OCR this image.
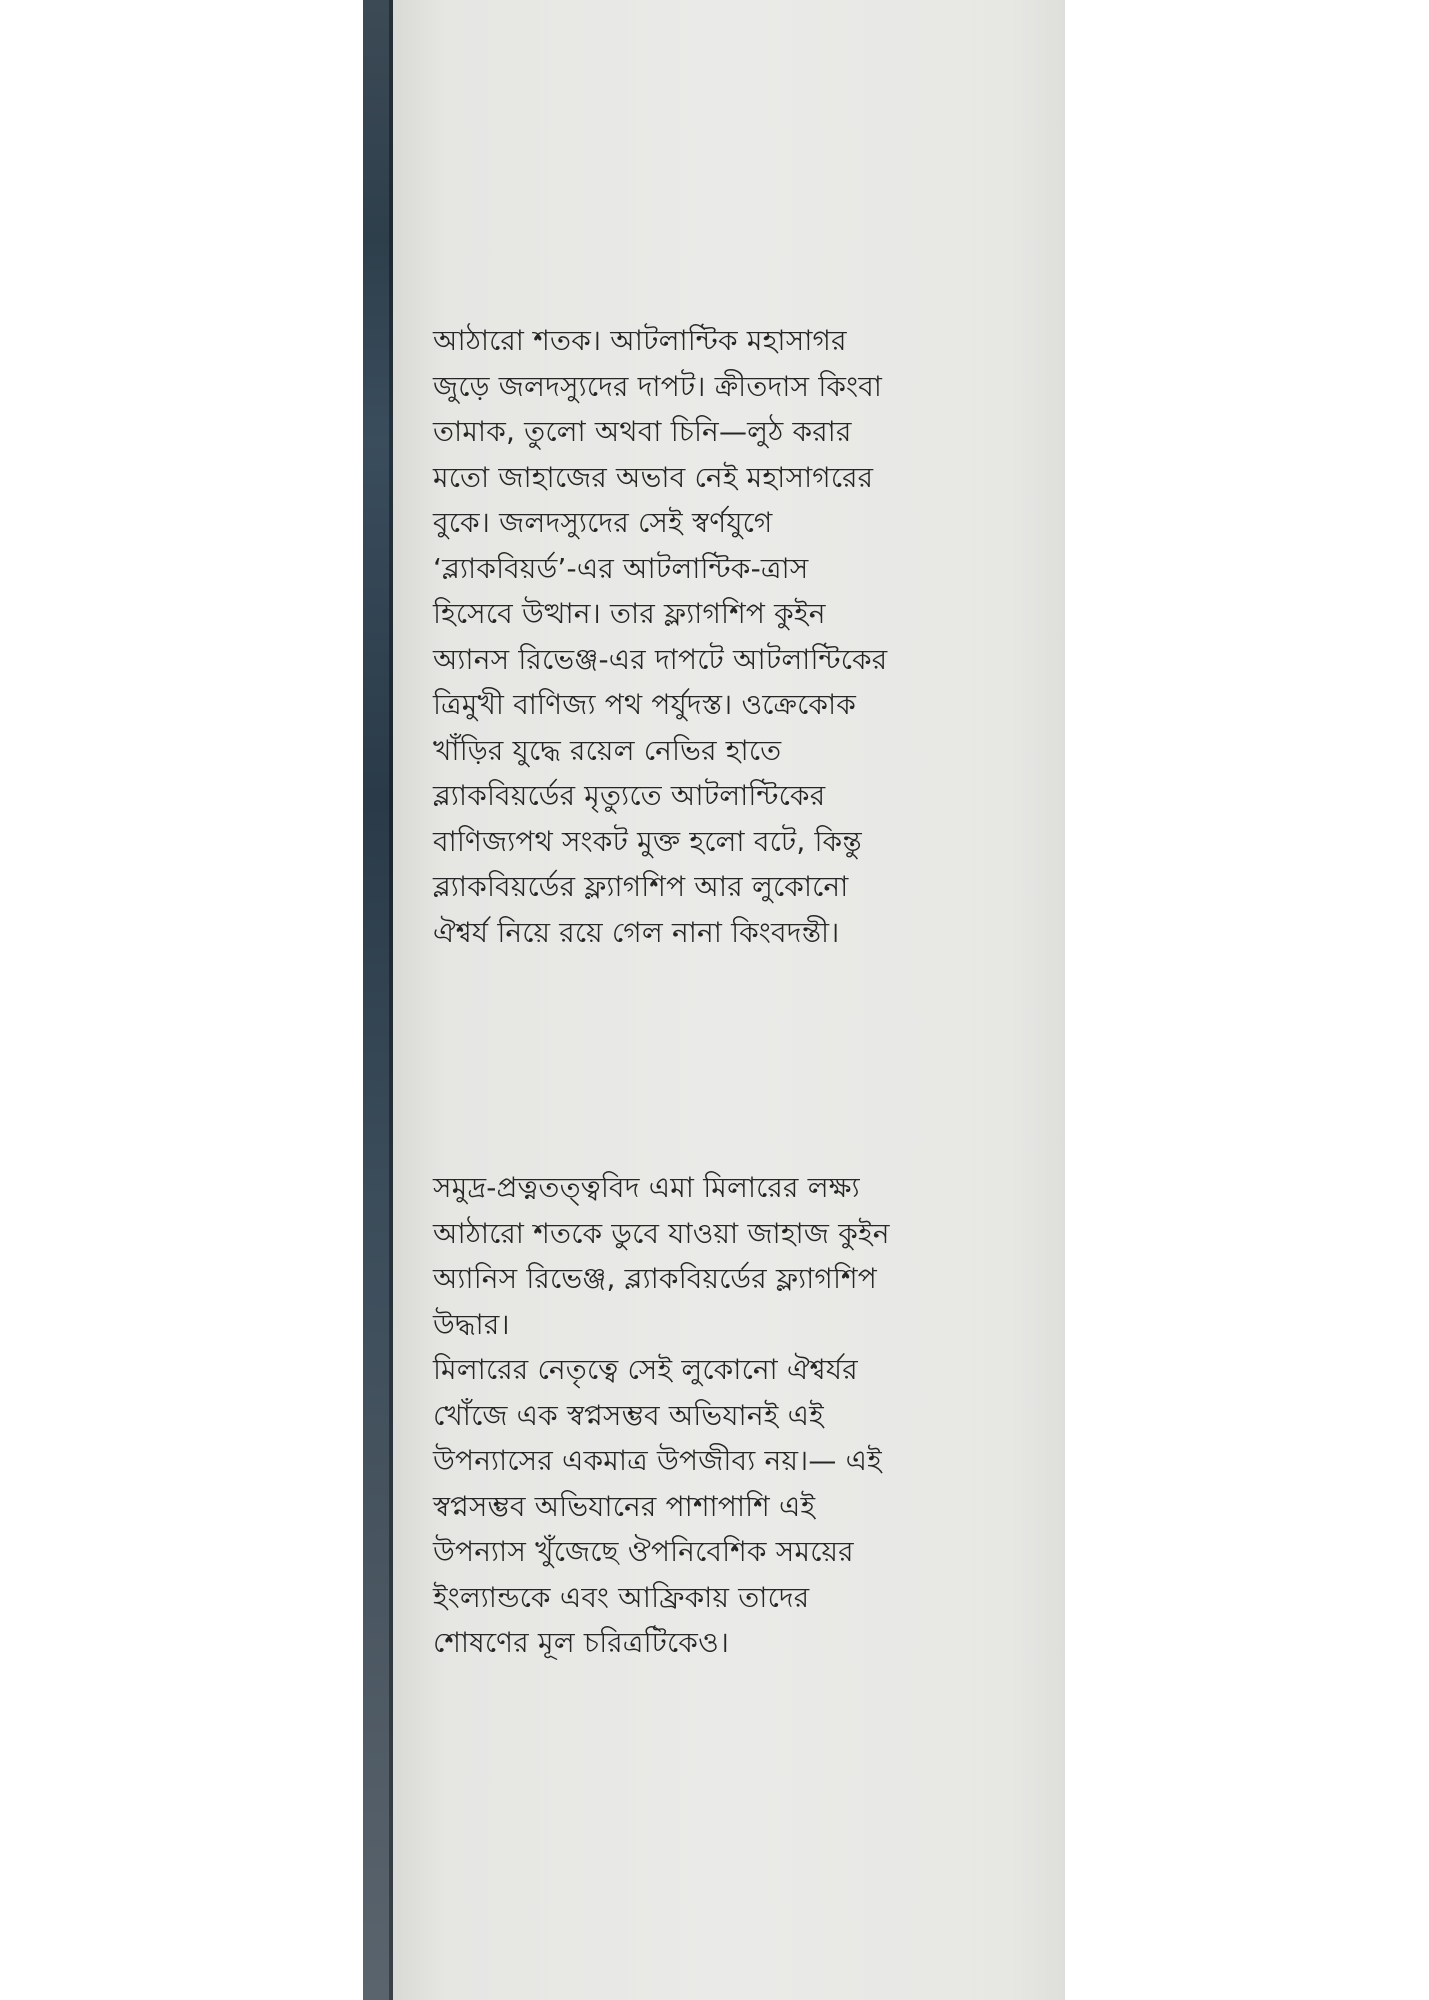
আঠারো শতক। আটলান্টিক মহাসাগর
জুড়ে জলদস্যুদের দাপট। ক্রীতদাস কিংবা
তামাক, তুলো অথবা চিনি—লুঠ করার
মতো জাহাজের অভাব নেই মহাসাগরের
বুকে। জলদস্যুদের সেই স্বর্ণযুগে
‘ব্ল্যাকবিয়র্ড’-এর আটলান্টিক-ত্রাস
হিসেবে উত্থান। তার ফ্ল্যাগশিপ কুইন
অ্যানস রিভেঞ্জ-এর দাপটে আটলান্টিকের
ত্রিমুখী বাণিজ্য পথ পর্যুদস্ত। ওক্রেকোক
খাঁড়ির যুদ্ধে রয়েল নেভির হাতে
ব্ল্যাকবিয়র্ডের মৃত্যুতে আটলান্টিকের
বাণিজ্যপথ সংকট মুক্ত হলো বটে, কিন্তু
ব্ল্যাকবিয়র্ডের ফ্ল্যাগশিপ আর লুকোনো
ঐশ্বর্য নিয়ে রয়ে গেল নানা কিংবদন্তী।
সমুদ্র-প্রত্নতত্ত্ববিদ এমা মিলারের লক্ষ্য
আঠারো শতকে ডুবে যাওয়া জাহাজ কুইন
অ্যানিস রিভেঞ্জ, ব্ল্যাকবিয়র্ডের ফ্ল্যাগশিপ
উদ্ধার।
মিলারের নেতৃত্বে সেই লুকোনো ঐশ্বর্যর
খোঁজে এক স্বপ্নসম্ভব অভিযানই এই
উপন্যাসের একমাত্র উপজীব্য নয়।— এই
স্বপ্নসম্ভব অভিযানের পাশাপাশি এই
উপন্যাস খুঁজেছে ঔপনিবেশিক সময়ের
ইংল্যান্ডকে এবং আফ্রিকায় তাদের
শোষণের মূল চরিত্রটিকেও।
